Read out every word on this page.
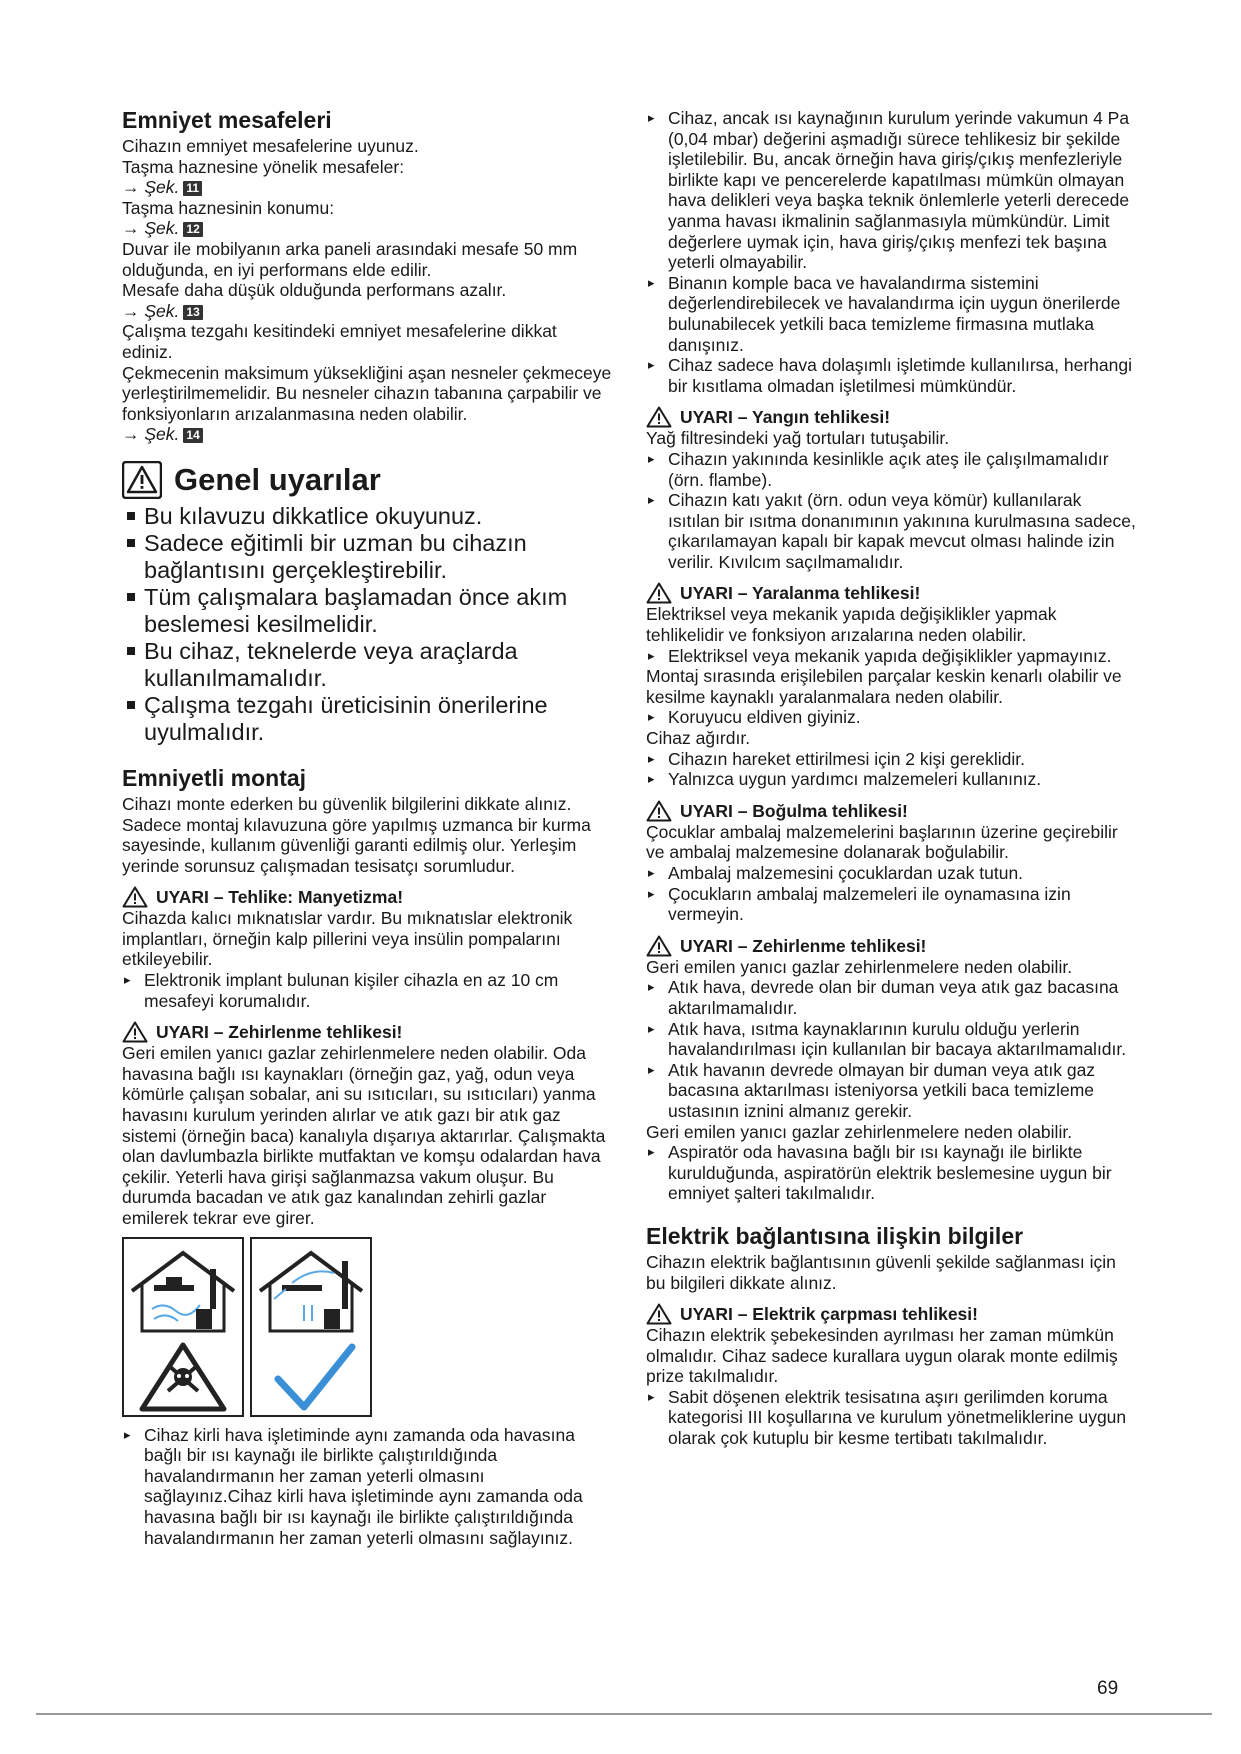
Emniyet mesafeleri

Cihazın emniyet mesafelerine uyunuz.

Taşma haznesine yönelik mesafeler:

→ Şek. 11

Taşma haznesinin konumu:

→ Şek. 12

Duvar ile mobilyanın arka paneli arasındaki mesafe 50 mm olduğunda, en iyi performans elde edilir.

Mesafe daha düşük olduğunda performans azalır.

→ Şek. 13

Çalışma tezgahı kesitindeki emniyet mesafelerine dikkat ediniz.

Çekmecenin maksimum yüksekliğini aşan nesneler çekmeceye yerleştirilmemelidir. Bu nesneler cihazın tabanına çarpabilir ve fonksiyonların arızalanmasına neden olabilir.

→ Şek. 14

Genel uyarılar

Bu kılavuzu dikkatlice okuyunuz.

Sadece eğitimli bir uzman bu cihazın bağlantısını gerçekleştirebilir.

Tüm çalışmalara başlamadan önce akım beslemesi kesilmelidir.

Bu cihaz, teknelerde veya araçlarda kullanılmamalıdır.

Çalışma tezgahı üreticisinin önerilerine uyulmalıdır.

Emniyetli montaj

Cihazı monte ederken bu güvenlik bilgilerini dikkate alınız.

Sadece montaj kılavuzuna göre yapılmış uzmanca bir kurma sayesinde, kullanım güvenliği garanti edilmiş olur. Yerleşim yerinde sorunsuz çalışmadan tesisatçı sorumludur.

UYARI – Tehlike: Manyetizma!

Cihazda kalıcı mıknatıslar vardır. Bu mıknatıslar elektronik implantları, örneğin kalp pillerini veya insülin pompalarını etkileyebilir.

▸ Elektronik implant bulunan kişiler cihazla en az 10 cm mesafeyi korumalıdır.

UYARI – Zehirlenme tehlikesi!

Geri emilen yanıcı gazlar zehirlenmelere neden olabilir. Oda havasına bağlı ısı kaynakları (örneğin gaz, yağ, odun veya kömürle çalışan sobalar, ani su ısıtıcıları, su ısıtıcıları) yanma havasını kurulum yerinden alırlar ve atık gazı bir atık gaz sistemi (örneğin baca) kanalıyla dışarıya aktarırlar. Çalışmakta olan davlumbazla birlikte mutfaktan ve komşu odalardan hava çekilir. Yeterli hava girişi sağlanmazsa vakum oluşur. Bu durumda bacadan ve atık gaz kanalından zehirli gazlar emilerek tekrar eve girer.

▸ Cihaz kirli hava işletiminde aynı zamanda oda havasına bağlı bir ısı kaynağı ile birlikte çalıştırıldığında havalandırmanın her zaman yeterli olmasını sağlayınız.Cihaz kirli hava işletiminde aynı zamanda oda havasına bağlı bir ısı kaynağı ile birlikte çalıştırıldığında havalandırmanın her zaman yeterli olmasını sağlayınız.

▸ Cihaz, ancak ısı kaynağının kurulum yerinde vakumun 4 Pa (0,04 mbar) değerini aşmadığı sürece tehlikesiz bir şekilde işletilebilir. Bu, ancak örneğin hava giriş/çıkış menfezleriyle birlikte kapı ve pencerelerde kapatılması mümkün olmayan hava delikleri veya başka teknik önlemlerle yeterli derecede yanma havası ikmalinin sağlanmasıyla mümkündür. Limit değerlere uymak için, hava giriş/çıkış menfezi tek başına yeterli olmayabilir.

▸ Binanın komple baca ve havalandırma sistemini değerlendirebilecek ve havalandırma için uygun önerilerde bulunabilecek yetkili baca temizleme firmasına mutlaka danışınız.

▸ Cihaz sadece hava dolaşımlı işletimde kullanılırsa, herhangi bir kısıtlama olmadan işletilmesi mümkündür.

UYARI – Yangın tehlikesi!

Yağ filtresindeki yağ tortuları tutuşabilir.

▸ Cihazın yakınında kesinlikle açık ateş ile çalışılmamalıdır (örn. flambe).

▸ Cihazın katı yakıt (örn. odun veya kömür) kullanılarak ısıtılan bir ısıtma donanımının yakınına kurulmasına sadece, çıkarılamayan kapalı bir kapak mevcut olması halinde izin verilir. Kıvılcım saçılmamalıdır.

UYARI – Yaralanma tehlikesi!

Elektriksel veya mekanik yapıda değişiklikler yapmak tehlikelidir ve fonksiyon arızalarına neden olabilir.

▸ Elektriksel veya mekanik yapıda değişiklikler yapmayınız.

Montaj sırasında erişilebilen parçalar keskin kenarlı olabilir ve kesilme kaynaklı yaralanmalara neden olabilir.

▸ Koruyucu eldiven giyiniz.

Cihaz ağırdır.

▸ Cihazın hareket ettirilmesi için 2 kişi gereklidir.

▸ Yalnızca uygun yardımcı malzemeleri kullanınız.

UYARI – Boğulma tehlikesi!

Çocuklar ambalaj malzemelerini başlarının üzerine geçirebilir ve ambalaj malzemesine dolanarak boğulabilir.

▸ Ambalaj malzemesini çocuklardan uzak tutun.

▸ Çocukların ambalaj malzemeleri ile oynamasına izin vermeyin.

UYARI – Zehirlenme tehlikesi!

Geri emilen yanıcı gazlar zehirlenmelere neden olabilir.

▸ Atık hava, devrede olan bir duman veya atık gaz bacasına aktarılmamalıdır.

▸ Atık hava, ısıtma kaynaklarının kurulu olduğu yerlerin havalandırılması için kullanılan bir bacaya aktarılmamalıdır.

▸ Atık havanın devrede olmayan bir duman veya atık gaz bacasına aktarılması isteniyorsa yetkili baca temizleme ustasının iznini almanız gerekir.

Geri emilen yanıcı gazlar zehirlenmelere neden olabilir.

▸ Aspiratör oda havasına bağlı bir ısı kaynağı ile birlikte kurulduğunda, aspiratörün elektrik beslemesine uygun bir emniyet şalteri takılmalıdır.

Elektrik bağlantısına ilişkin bilgiler

Cihazın elektrik bağlantısının güvenli şekilde sağlanması için bu bilgileri dikkate alınız.

UYARI – Elektrik çarpması tehlikesi!

Cihazın elektrik şebekesinden ayrılması her zaman mümkün olmalıdır. Cihaz sadece kurallara uygun olarak monte edilmiş prize takılmalıdır.

▸ Sabit döşenen elektrik tesisatına aşırı gerilimden koruma kategorisi III koşullarına ve kurulum yönetmeliklerine uygun olarak çok kutuplu bir kesme tertibatı takılmalıdır.

69
